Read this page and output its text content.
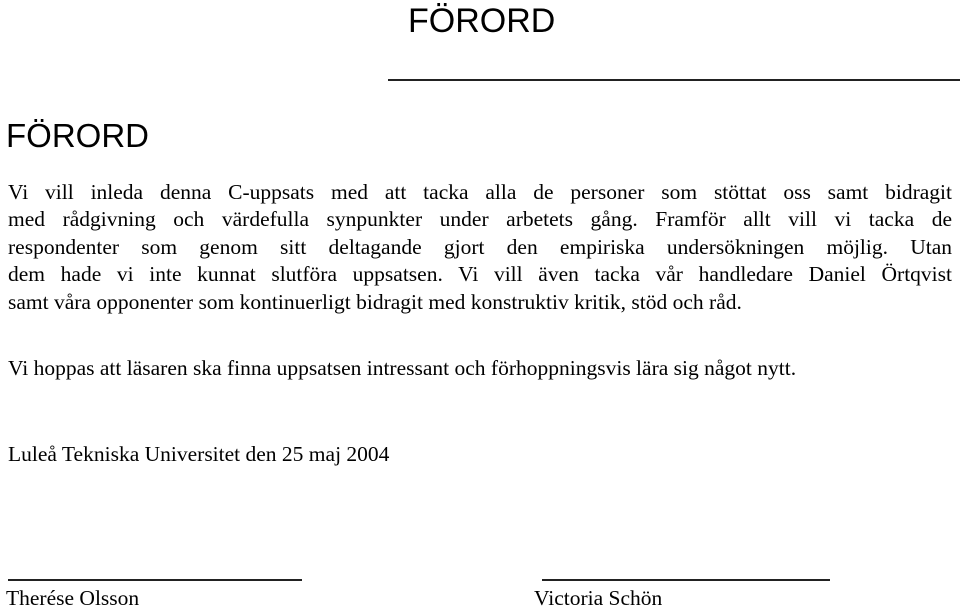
FÖRORD
FÖRORD
Vi vill inleda denna C-uppsats med att tacka alla de personer som stöttat oss samt bidragit
med rådgivning och värdefulla synpunkter under arbetets gång. Framför allt vill vi tacka de
respondenter som genom sitt deltagande gjort den empiriska undersökningen möjlig. Utan
dem hade vi inte kunnat slutföra uppsatsen. Vi vill även tacka vår handledare Daniel Örtqvist
samt våra opponenter som kontinuerligt bidragit med konstruktiv kritik, stöd och råd.
Vi hoppas att läsaren ska finna uppsatsen intressant och förhoppningsvis lära sig något nytt.
Luleå Tekniska Universitet den 25 maj 2004
Therése Olsson	Victoria Schön
